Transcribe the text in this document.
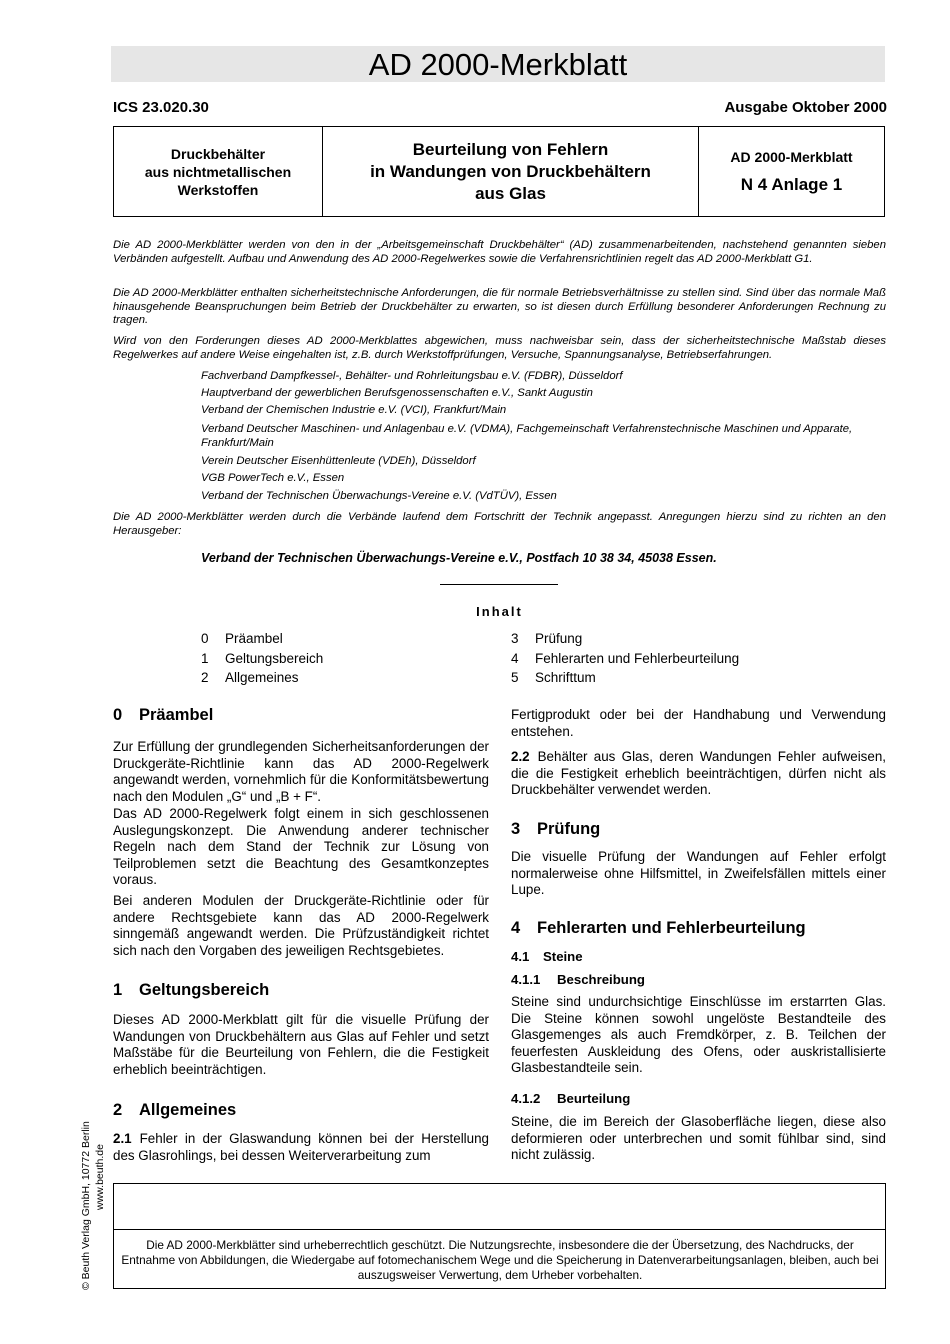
AD 2000-Merkblatt
ICS 23.020.30	Ausgabe Oktober 2000
Druckbehälter
aus nichtmetallischen
Werkstoffen
Beurteilung von Fehlern
in Wandungen von Druckbehältern
aus Glas
AD 2000-Merkblatt
N 4 Anlage 1
Die AD 2000-Merkblätter werden von den in der „Arbeitsgemeinschaft Druckbehälter“ (AD) zusammenarbeitenden, nachstehend genannten sieben Verbänden aufgestellt. Aufbau und Anwendung des AD 2000-Regelwerkes sowie die Verfahrensrichtlinien regelt das AD 2000-Merkblatt G1.
Die AD 2000-Merkblätter enthalten sicherheitstechnische Anforderungen, die für normale Betriebsverhältnisse zu stellen sind. Sind über das normale Maß hinausgehende Beanspruchungen beim Betrieb der Druckbehälter zu erwarten, so ist diesen durch Erfüllung besonderer Anforderungen Rechnung zu tragen.
Wird von den Forderungen dieses AD 2000-Merkblattes abgewichen, muss nachweisbar sein, dass der sicherheitstechnische Maßstab dieses Regelwerkes auf andere Weise eingehalten ist, z.B. durch Werkstoffprüfungen, Versuche, Spannungsanalyse, Betriebserfahrungen.
Fachverband Dampfkessel-, Behälter- und Rohrleitungsbau e.V. (FDBR), Düsseldorf
Hauptverband der gewerblichen Berufsgenossenschaften e.V., Sankt Augustin
Verband der Chemischen Industrie e.V. (VCI), Frankfurt/Main
Verband Deutscher Maschinen- und Anlagenbau e.V. (VDMA), Fachgemeinschaft Verfahrenstechnische Maschinen und Apparate, Frankfurt/Main
Verein Deutscher Eisenhüttenleute (VDEh), Düsseldorf
VGB PowerTech e.V., Essen
Verband der Technischen Überwachungs-Vereine e.V. (VdTÜV), Essen
Die AD 2000-Merkblätter werden durch die Verbände laufend dem Fortschritt der Technik angepasst. Anregungen hierzu sind zu richten an den Herausgeber:
Verband der Technischen Überwachungs-Vereine e.V., Postfach 10 38 34, 45038 Essen.
Inhalt
0 Präambel
1 Geltungsbereich
2 Allgemeines
3 Prüfung
4 Fehlerarten und Fehlerbeurteilung
5 Schrifttum
0 Präambel
Zur Erfüllung der grundlegenden Sicherheitsanforderungen der Druckgeräte-Richtlinie kann das AD 2000-Regelwerk angewandt werden, vornehmlich für die Konformitätsbewertung nach den Modulen „G“ und „B + F“.
Das AD 2000-Regelwerk folgt einem in sich geschlossenen Auslegungskonzept. Die Anwendung anderer technischer Regeln nach dem Stand der Technik zur Lösung von Teilproblemen setzt die Beachtung des Gesamtkonzeptes voraus.
Bei anderen Modulen der Druckgeräte-Richtlinie oder für andere Rechtsgebiete kann das AD 2000-Regelwerk sinngemäß angewandt werden. Die Prüfzuständigkeit richtet sich nach den Vorgaben des jeweiligen Rechtsgebietes.
1 Geltungsbereich
Dieses AD 2000-Merkblatt gilt für die visuelle Prüfung der Wandungen von Druckbehältern aus Glas auf Fehler und setzt Maßstäbe für die Beurteilung von Fehlern, die die Festigkeit erheblich beeinträchtigen.
2 Allgemeines
2.1 Fehler in der Glaswandung können bei der Herstellung des Glasrohlings, bei dessen Weiterverarbeitung zum
Fertigprodukt oder bei der Handhabung und Verwendung entstehen.
2.2 Behälter aus Glas, deren Wandungen Fehler aufweisen, die die Festigkeit erheblich beeinträchtigen, dürfen nicht als Druckbehälter verwendet werden.
3 Prüfung
Die visuelle Prüfung der Wandungen auf Fehler erfolgt normalerweise ohne Hilfsmittel, in Zweifelsfällen mittels einer Lupe.
4 Fehlerarten und Fehlerbeurteilung
4.1 Steine
4.1.1 Beschreibung
Steine sind undurchsichtige Einschlüsse im erstarrten Glas. Die Steine können sowohl ungelöste Bestandteile des Glasgemenges als auch Fremdkörper, z. B. Teilchen der feuerfesten Auskleidung des Ofens, oder auskristallisierte Glasbestandteile sein.
4.1.2 Beurteilung
Steine, die im Bereich der Glasoberfläche liegen, diese also deformieren oder unterbrechen und somit fühlbar sind, sind nicht zulässig.
Die AD 2000-Merkblätter sind urheberrechtlich geschützt. Die Nutzungsrechte, insbesondere die der Übersetzung, des Nachdrucks, der Entnahme von Abbildungen, die Wiedergabe auf fotomechanischem Wege und die Speicherung in Datenverarbeitungsanlagen, bleiben, auch bei auszugsweiser Verwertung, dem Urheber vorbehalten.
© Beuth Verlag GmbH, 10772 Berlin www.beuth.de
